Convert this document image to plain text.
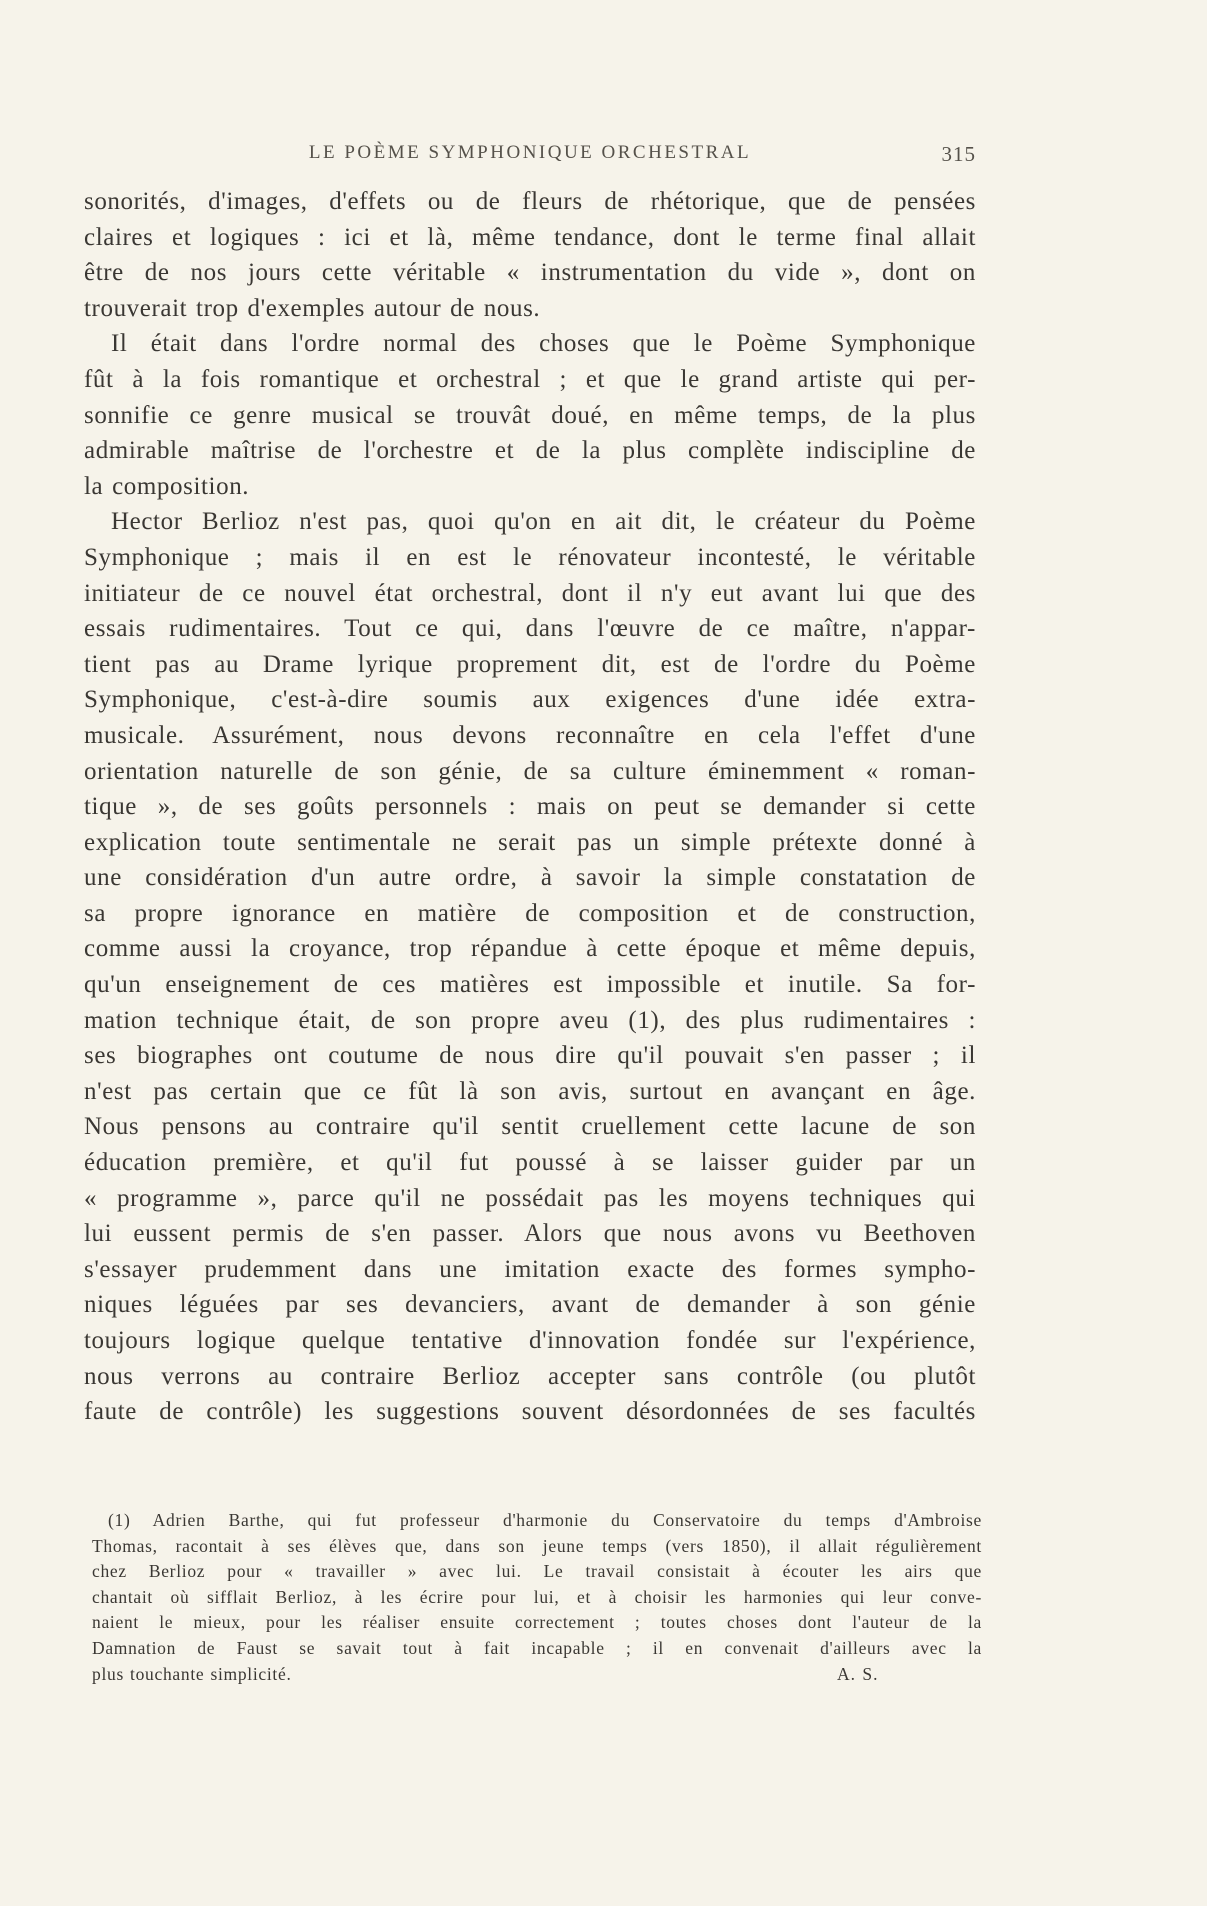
LE POÈME SYMPHONIQUE ORCHESTRAL	315
sonorités, d'images, d'effets ou de fleurs de rhétorique, que de pensées
claires et logiques : ici et là, même tendance, dont le terme final allait
être de nos jours cette véritable « instrumentation du vide », dont on
trouverait trop d'exemples autour de nous.
Il était dans l'ordre normal des choses que le Poème Symphonique
fût à la fois romantique et orchestral ; et que le grand artiste qui per-
sonnifie ce genre musical se trouvât doué, en même temps, de la plus
admirable maîtrise de l'orchestre et de la plus complète indiscipline de
la composition.
Hector Berlioz n'est pas, quoi qu'on en ait dit, le créateur du Poème
Symphonique ; mais il en est le rénovateur incontesté, le véritable
initiateur de ce nouvel état orchestral, dont il n'y eut avant lui que des
essais rudimentaires. Tout ce qui, dans l'œuvre de ce maître, n'appar-
tient pas au Drame lyrique proprement dit, est de l'ordre du Poème
Symphonique, c'est-à-dire soumis aux exigences d'une idée extra-
musicale. Assurément, nous devons reconnaître en cela l'effet d'une
orientation naturelle de son génie, de sa culture éminemment « roman-
tique », de ses goûts personnels : mais on peut se demander si cette
explication toute sentimentale ne serait pas un simple prétexte donné à
une considération d'un autre ordre, à savoir la simple constatation de
sa propre ignorance en matière de composition et de construction,
comme aussi la croyance, trop répandue à cette époque et même depuis,
qu'un enseignement de ces matières est impossible et inutile. Sa for-
mation technique était, de son propre aveu (1), des plus rudimentaires :
ses biographes ont coutume de nous dire qu'il pouvait s'en passer ; il
n'est pas certain que ce fût là son avis, surtout en avançant en âge.
Nous pensons au contraire qu'il sentit cruellement cette lacune de son
éducation première, et qu'il fut poussé à se laisser guider par un
« programme », parce qu'il ne possédait pas les moyens techniques qui
lui eussent permis de s'en passer. Alors que nous avons vu Beethoven
s'essayer prudemment dans une imitation exacte des formes sympho-
niques léguées par ses devanciers, avant de demander à son génie
toujours logique quelque tentative d'innovation fondée sur l'expérience,
nous verrons au contraire Berlioz accepter sans contrôle (ou plutôt
faute de contrôle) les suggestions souvent désordonnées de ses facultés
(1) Adrien Barthe, qui fut professeur d'harmonie du Conservatoire du temps d'Ambroise
Thomas, racontait à ses élèves que, dans son jeune temps (vers 1850), il allait régulièrement
chez Berlioz pour « travailler » avec lui. Le travail consistait à écouter les airs que
chantait où sifflait Berlioz, à les écrire pour lui, et à choisir les harmonies qui leur conve-
naient le mieux, pour les réaliser ensuite correctement ; toutes choses dont l'auteur de la
Damnation de Faust se savait tout à fait incapable ; il en convenait d'ailleurs avec la
plus touchante simplicité.	A. S.
